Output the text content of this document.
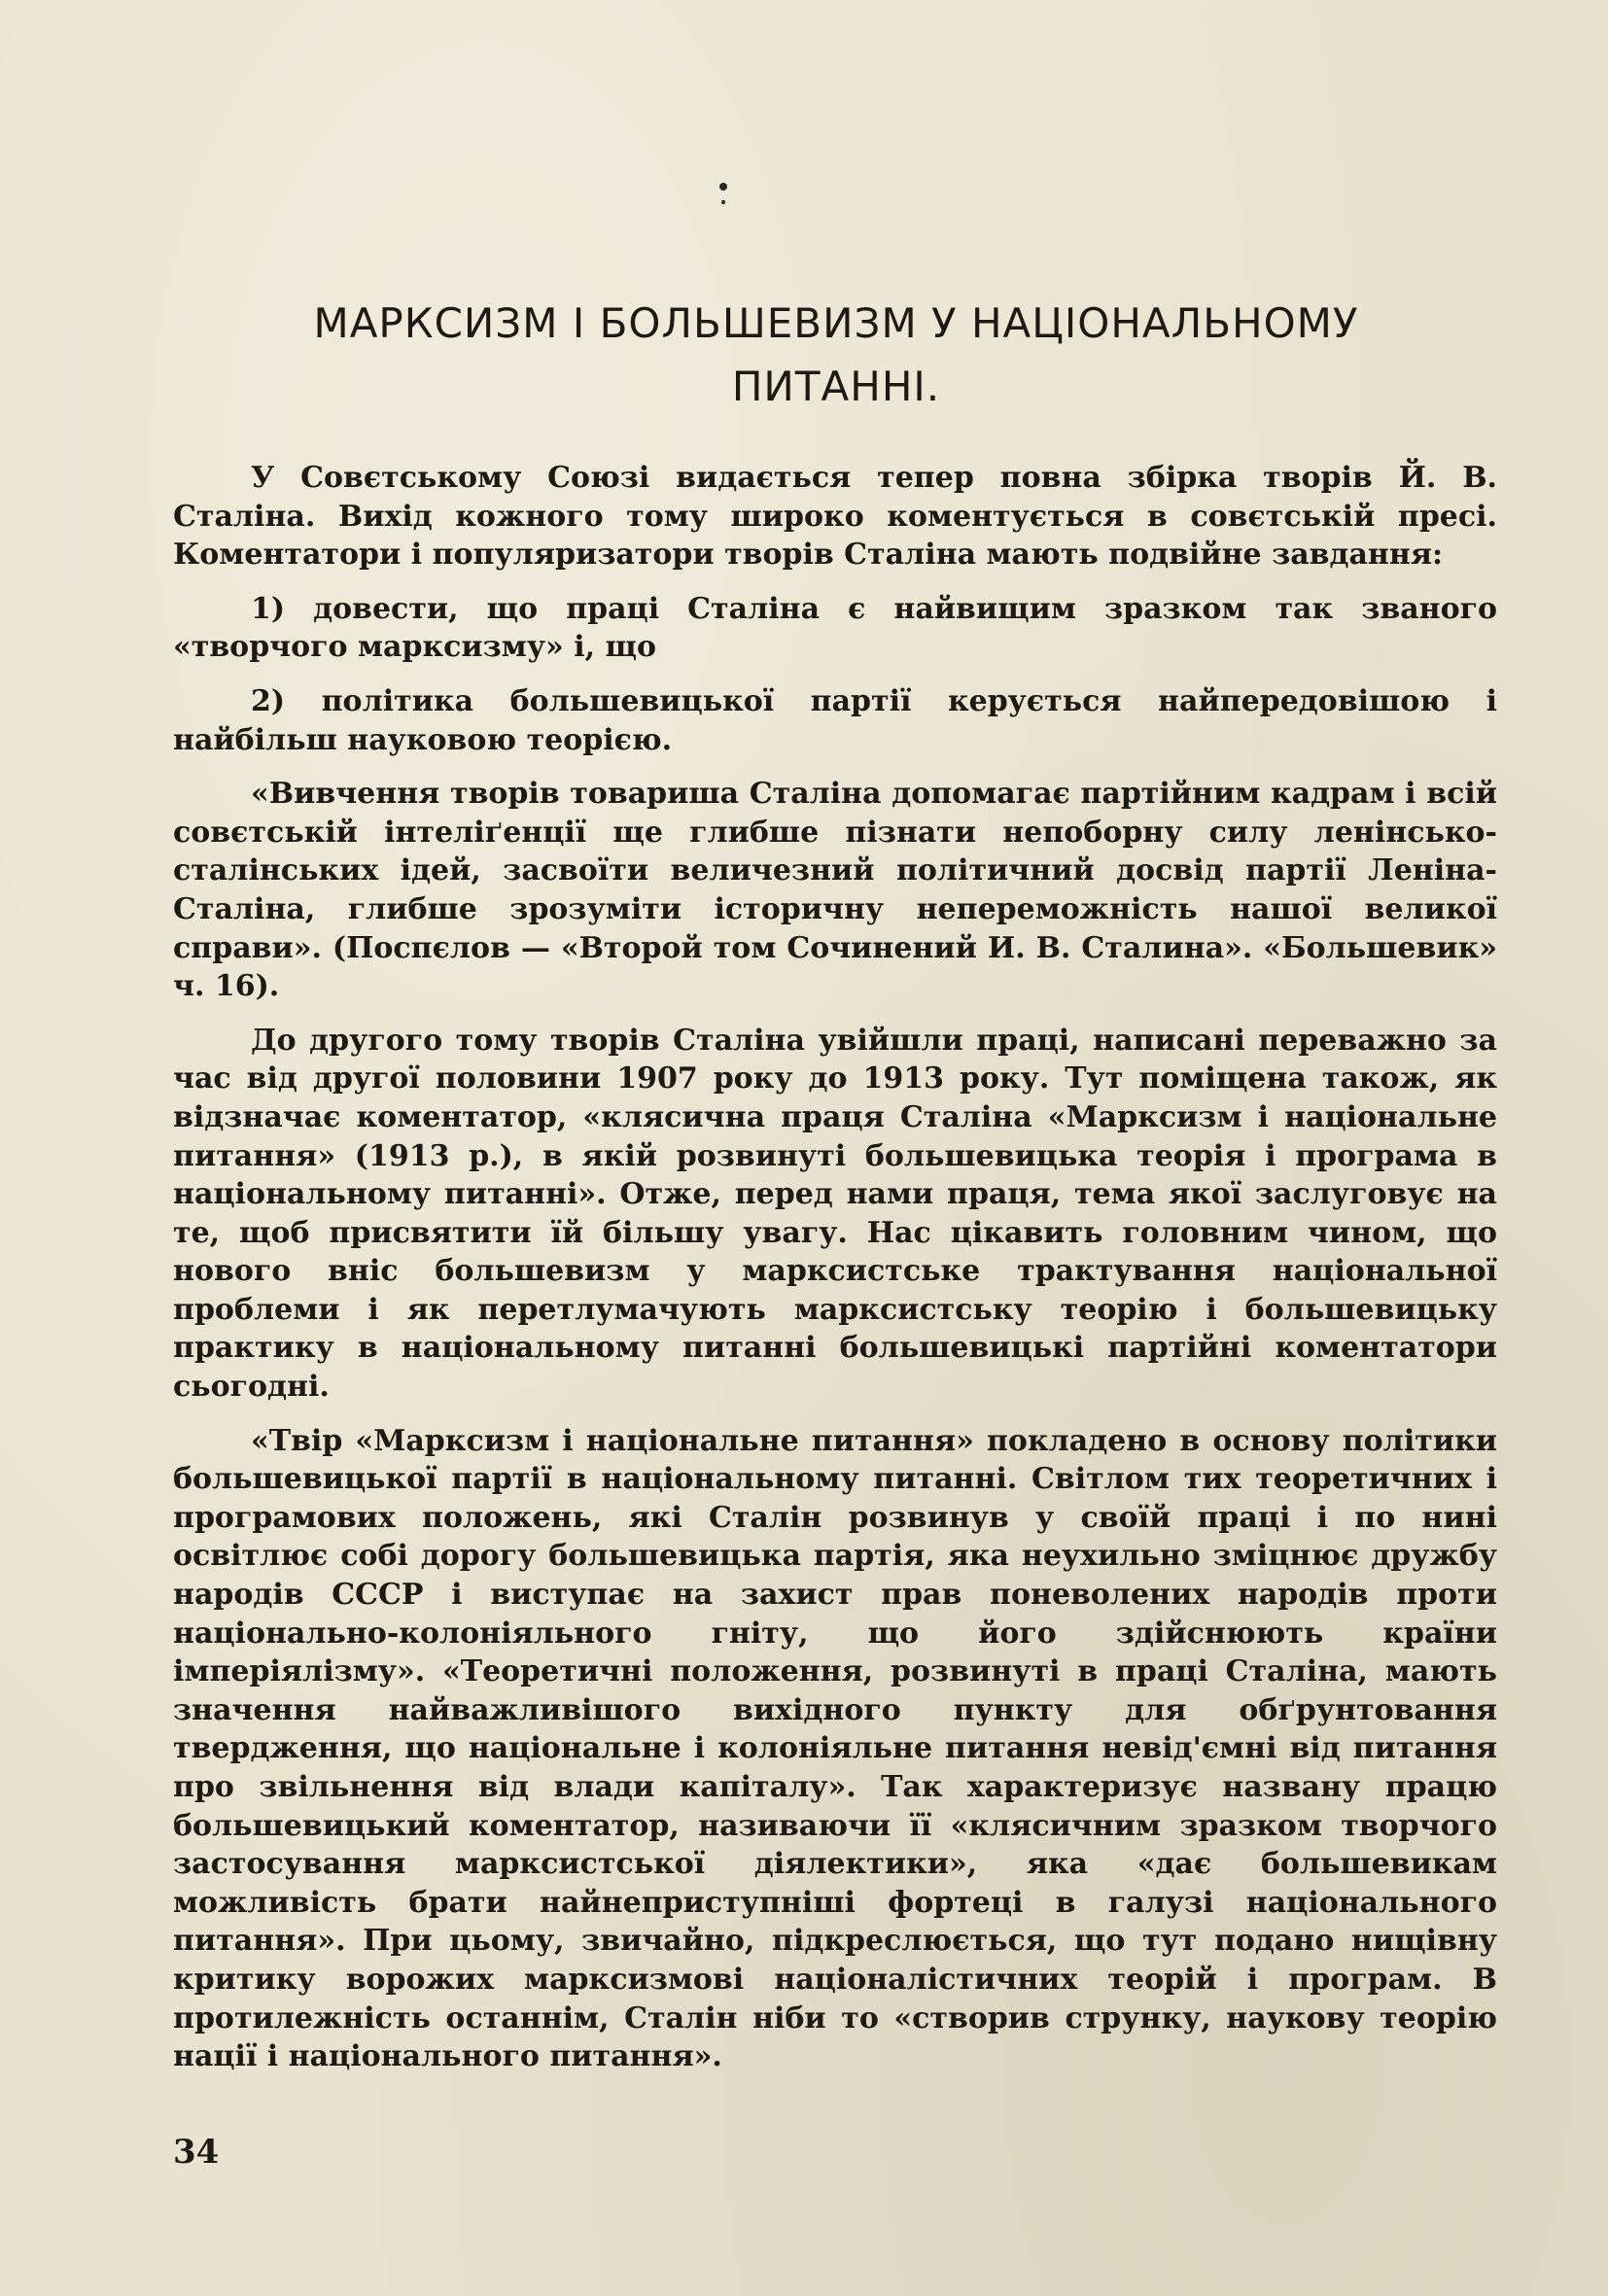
МАРКСИЗМ І БОЛЬШЕВИЗМ У НАЦІОНАЛЬНОМУ
ПИТАННІ.

У Совєтському Союзі видається тепер повна збірка творів Й. В. Сталіна. Вихід кожного тому широко коментується в совєтській пресі. Коментатори і популяризатори творів Сталіна мають подвійне завдання:

1) довести, що праці Сталіна є найвищим зразком так званого «творчого марксизму» і, що

2) політика большевицької партії керується найпередовішою і найбільш науковою теорією.

«Вивчення творів товариша Сталіна допомагає партійним кадрам і всій совєтській інтеліґенції ще глибше пізнати непоборну силу ленінсько-сталінських ідей, засвоїти величезний політичний досвід партії Леніна-Сталіна, глибше зрозуміти історичну непереможність нашої великої справи». (Поспєлов — «Второй том Сочинений И. В. Сталина». «Большевик» ч. 16).

До другого тому творів Сталіна увійшли праці, написані переважно за час від другої половини 1907 року до 1913 року. Тут поміщена також, як відзначає коментатор, «клясична праця Сталіна «Марксизм і національне питання» (1913 р.), в якій розвинуті большевицька теорія і програма в національному питанні». Отже, перед нами праця, тема якої заслуговує на те, щоб присвятити їй більшу увагу. Нас цікавить головним чином, що нового вніс большевизм у марксистське трактування національної проблеми і як перетлумачують марксистську теорію і большевицьку практику в національному питанні большевицькі партійні коментатори сьогодні.

«Твір «Марксизм і національне питання» покладено в основу політики большевицької партії в національному питанні. Світлом тих теоретичних і програмових положень, які Сталін розвинув у своїй праці і по нині освітлює собі дорогу большевицька партія, яка неухильно зміцнює дружбу народів СССР і виступає на захист прав поневолених народів проти національно-колоніяльного гніту, що його здійснюють країни імперіялізму». «Теоретичні положення, розвинуті в праці Сталіна, мають значення найважливішого вихідного пункту для обґрунтовання твердження, що національне і колоніяльне питання невід'ємні від питання про звільнення від влади капіталу». Так характеризує названу працю большевицький коментатор, називаючи її «клясичним зразком творчого застосування марксистської діялектики», яка «дає большевикам можливість брати найнеприступніші фортеці в галузі національного питання». При цьому, звичайно, підкреслюється, що тут подано нищівну критику ворожих марксизмові націоналістичних теорій і програм. В протилежність останнім, Сталін ніби то «створив струнку, наукову теорію нації і національного питання».

34
